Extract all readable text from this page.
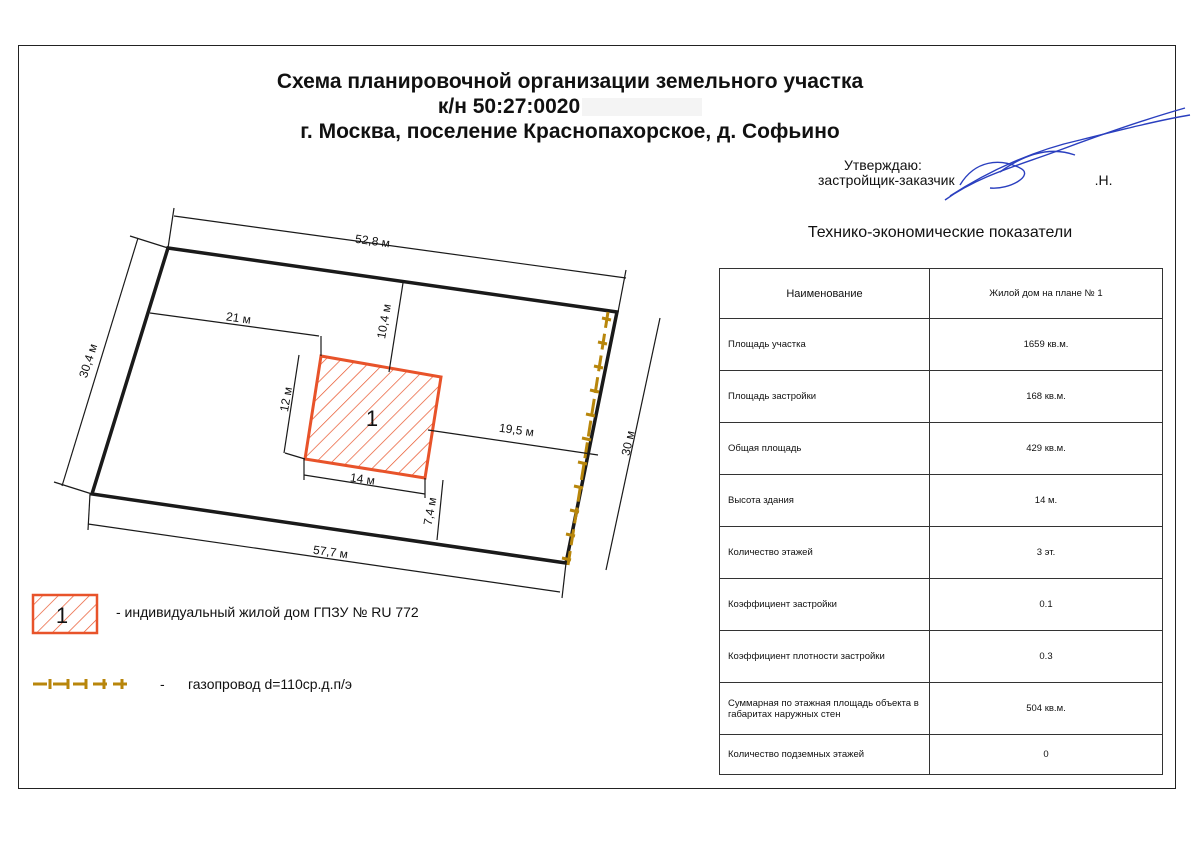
Схема планировочной организации земельного участка
к/н 50:27:0020
г. Москва, поселение Краснопахорское, д. Софьино
Утверждаю:
застройщик-заказчик	.Н.
1
52,8 м
57,7 м
30,4 м
30 м
21 м	10,4 м
19,5 м
14 м
12 м
7,4 м
1	- индивидуальный жилой дом ГПЗУ № RU 772
- газопровод d=110ср.д.п/э
Технико-экономические показатели
Наименование	Жилой дом на плане № 1
Площадь участка	1659 кв.м.
Площадь застройки	168 кв.м.
Общая площадь	429 кв.м.
Высота здания	14 м.
Количество этажей	3 эт.
Коэффициент застройки	0.1
Коэффициент плотности застройки	0.3
Суммарная по этажная площадь объекта в габаритах наружных стен	504 кв.м.
Количество подземных этажей	0
